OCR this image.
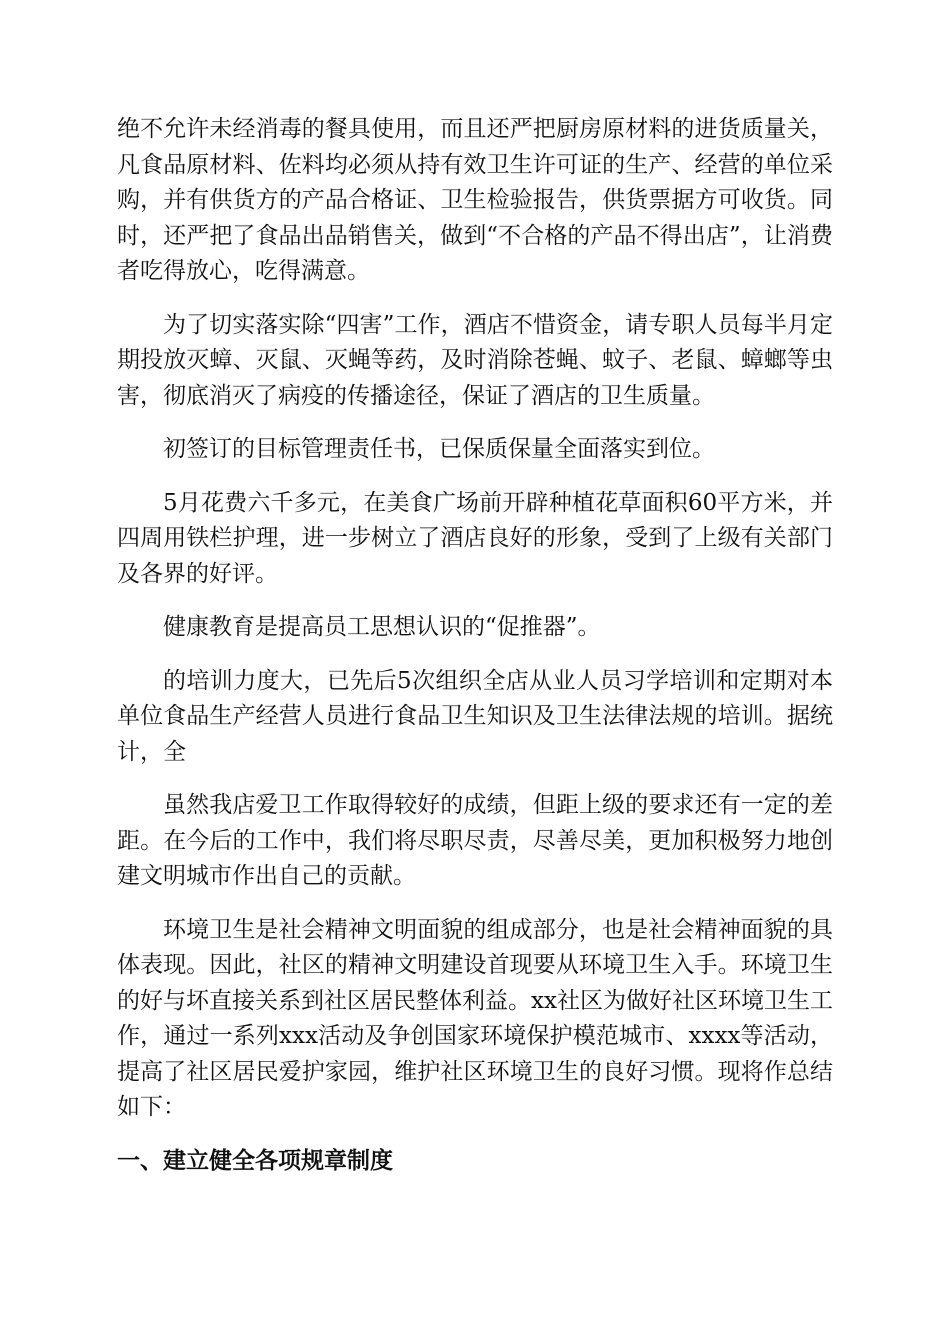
绝不允许未经消毒的餐具使用，而且还严把厨房原材料的进货质量关，凡食品原材料、佐料均必须从持有效卫生许可证的生产、经营的单位采购，并有供货方的产品合格证、卫生检验报告，供货票据方可收货。同时，还严把了食品出品销售关，做到“不合格的产品不得出店”，让消费者吃得放心，吃得满意。

为了切实落实除“四害”工作，酒店不惜资金，请专职人员每半月定期投放灭蟑、灭鼠、灭蝇等药，及时消除苍蝇、蚊子、老鼠、蟑螂等虫害，彻底消灭了病疫的传播途径，保证了酒店的卫生质量。

初签订的目标管理责任书，已保质保量全面落实到位。

5月花费六千多元，在美食广场前开辟种植花草面积60平方米，并四周用铁栏护理，进一步树立了酒店良好的形象，受到了上级有关部门及各界的好评。

健康教育是提高员工思想认识的“促推器”。

的培训力度大，已先后5次组织全店从业人员习学培训和定期对本单位食品生产经营人员进行食品卫生知识及卫生法律法规的培训。据统计，全

虽然我店爱卫工作取得较好的成绩，但距上级的要求还有一定的差距。在今后的工作中，我们将尽职尽责，尽善尽美，更加积极努力地创建文明城市作出自己的贡献。

环境卫生是社会精神文明面貌的组成部分，也是社会精神面貌的具体表现。因此，社区的精神文明建设首现要从环境卫生入手。环境卫生的好与坏直接关系到社区居民整体利益。xx社区为做好社区环境卫生工作，通过一系列xxx活动及争创国家环境保护模范城市、xxxx等活动，提高了社区居民爱护家园，维护社区环境卫生的良好习惯。现将作总结如下：

一、建立健全各项规章制度
